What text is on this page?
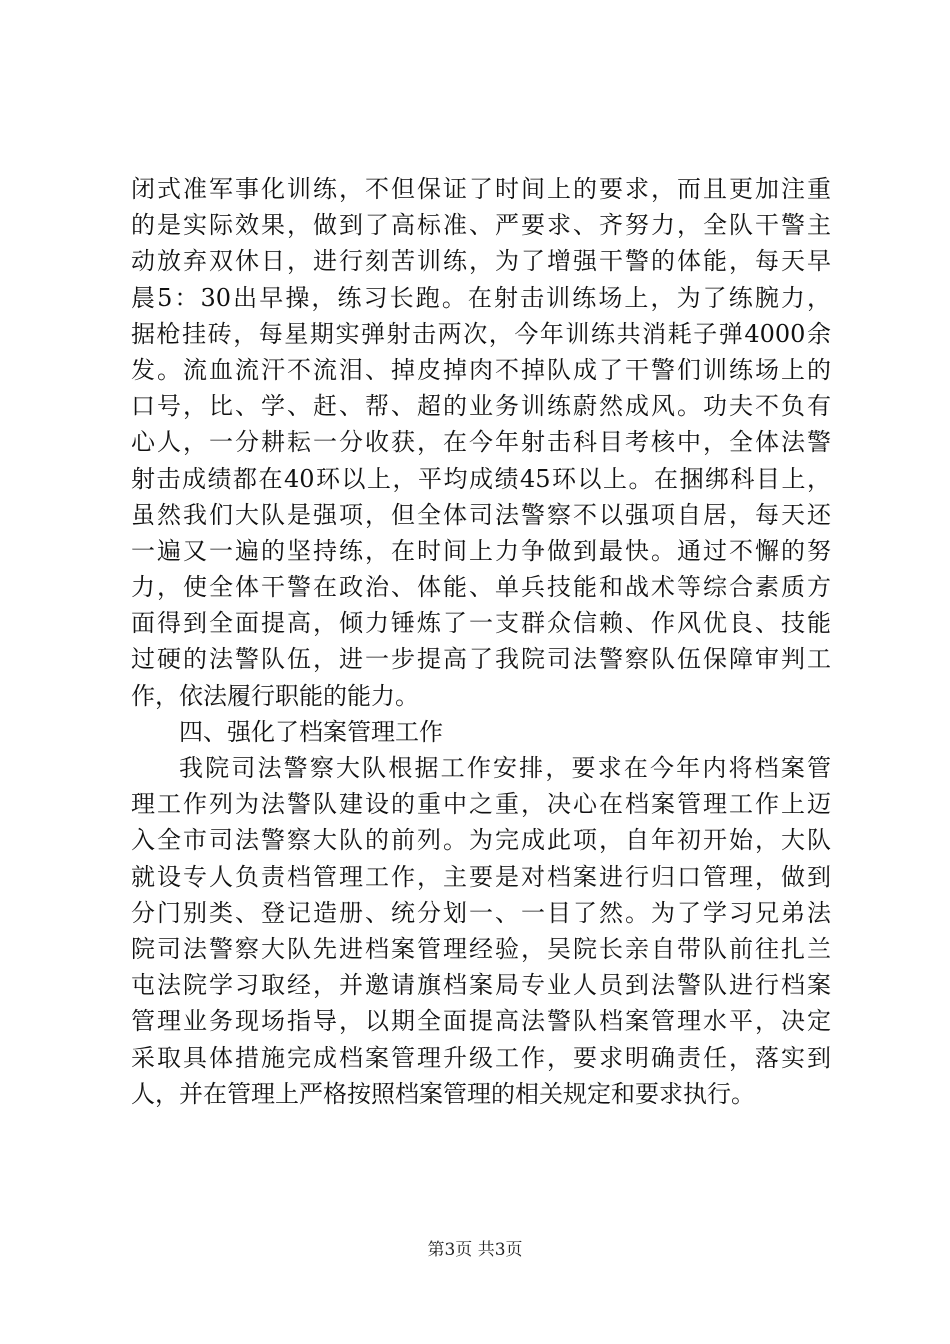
闭式准军事化训练，不但保证了时间上的要求，而且更加注重
的是实际效果，做到了高标准、严要求、齐努力，全队干警主
动放弃双休日，进行刻苦训练，为了增强干警的体能，每天早
晨5：30出早操，练习长跑。在射击训练场上，为了练腕力，
据枪挂砖，每星期实弹射击两次，今年训练共消耗子弹4000余
发。流血流汗不流泪、掉皮掉肉不掉队成了干警们训练场上的
口号，比、学、赶、帮、超的业务训练蔚然成风。功夫不负有
心人，一分耕耘一分收获，在今年射击科目考核中，全体法警
射击成绩都在40环以上，平均成绩45环以上。在捆绑科目上，
虽然我们大队是强项，但全体司法警察不以强项自居，每天还
一遍又一遍的坚持练，在时间上力争做到最快。通过不懈的努
力，使全体干警在政治、体能、单兵技能和战术等综合素质方
面得到全面提高，倾力锤炼了一支群众信赖、作风优良、技能
过硬的法警队伍，进一步提高了我院司法警察队伍保障审判工
作，依法履行职能的能力。
四、强化了档案管理工作
我院司法警察大队根据工作安排，要求在今年内将档案管
理工作列为法警队建设的重中之重，决心在档案管理工作上迈
入全市司法警察大队的前列。为完成此项，自年初开始，大队
就设专人负责档管理工作，主要是对档案进行归口管理，做到
分门别类、登记造册、统分划一、一目了然。为了学习兄弟法
院司法警察大队先进档案管理经验，吴院长亲自带队前往扎兰
屯法院学习取经，并邀请旗档案局专业人员到法警队进行档案
管理业务现场指导，以期全面提高法警队档案管理水平，决定
采取具体措施完成档案管理升级工作，要求明确责任，落实到
人，并在管理上严格按照档案管理的相关规定和要求执行。
第3页 共3页
